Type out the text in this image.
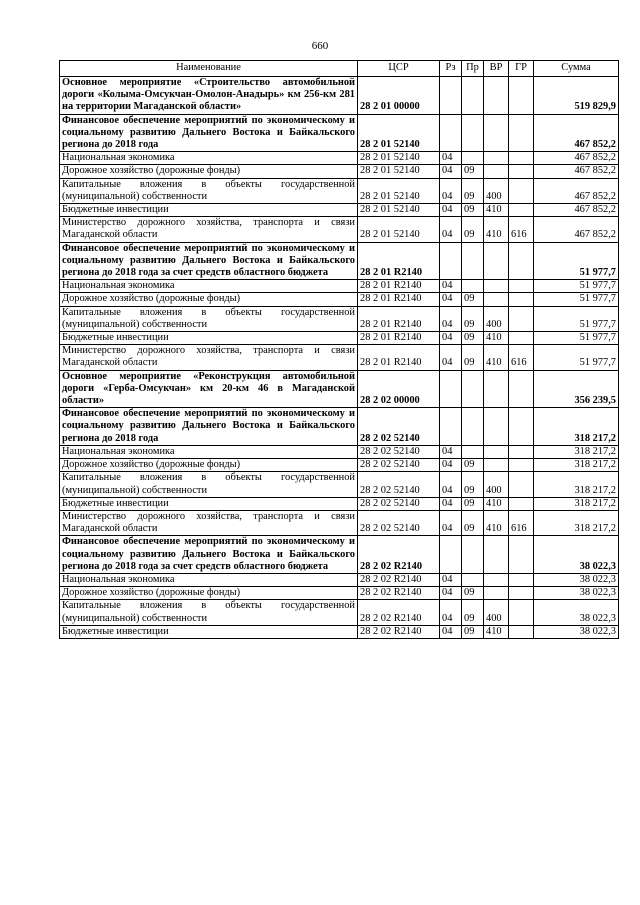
660
Наименование	ЦСР	Рз	Пр	ВР	ГР	Сумма
Основное мероприятие «Строительство автомобильной дороги «Колыма-Омсукчан-Омолон-Анадырь» км 256-км 281 на территории Магаданской области»	28 2 01 00000					519 829,9
Финансовое обеспечение мероприятий по экономическому и социальному развитию Дальнего Востока и Байкальского региона до 2018 года	28 2 01 52140					467 852,2
Национальная экономика	28 2 01 52140	04				467 852,2
Дорожное хозяйство (дорожные фонды)	28 2 01 52140	04	09			467 852,2
Капитальные вложения в объекты государственной (муниципальной) собственности	28 2 01 52140	04	09	400		467 852,2
Бюджетные инвестиции	28 2 01 52140	04	09	410		467 852,2
Министерство дорожного хозяйства, транспорта и связи Магаданской области	28 2 01 52140	04	09	410	616	467 852,2
Финансовое обеспечение мероприятий по экономическому и социальному развитию Дальнего Востока и Байкальского региона до 2018 года за счет средств областного бюджета	28 2 01 R2140					51 977,7
Национальная экономика	28 2 01 R2140	04				51 977,7
Дорожное хозяйство (дорожные фонды)	28 2 01 R2140	04	09			51 977,7
Капитальные вложения в объекты государственной (муниципальной) собственности	28 2 01 R2140	04	09	400		51 977,7
Бюджетные инвестиции	28 2 01 R2140	04	09	410		51 977,7
Министерство дорожного хозяйства, транспорта и связи Магаданской области	28 2 01 R2140	04	09	410	616	51 977,7
Основное мероприятие «Реконструкция автомобильной дороги «Герба-Омсукчан» км 20-км 46 в Магаданской области»	28 2 02 00000					356 239,5
Финансовое обеспечение мероприятий по экономическому и социальному развитию Дальнего Востока и Байкальского региона до 2018 года	28 2 02 52140					318 217,2
Национальная экономика	28 2 02 52140	04				318 217,2
Дорожное хозяйство (дорожные фонды)	28 2 02 52140	04	09			318 217,2
Капитальные вложения в объекты государственной (муниципальной) собственности	28 2 02 52140	04	09	400		318 217,2
Бюджетные инвестиции	28 2 02 52140	04	09	410		318 217,2
Министерство дорожного хозяйства, транспорта и связи Магаданской области	28 2 02 52140	04	09	410	616	318 217,2
Финансовое обеспечение мероприятий по экономическому и социальному развитию Дальнего Востока и Байкальского региона до 2018 года за счет средств областного бюджета	28 2 02 R2140					38 022,3
Национальная экономика	28 2 02 R2140	04				38 022,3
Дорожное хозяйство (дорожные фонды)	28 2 02 R2140	04	09			38 022,3
Капитальные вложения в объекты государственной (муниципальной) собственности	28 2 02 R2140	04	09	400		38 022,3
Бюджетные инвестиции	28 2 02 R2140	04	09	410		38 022,3
